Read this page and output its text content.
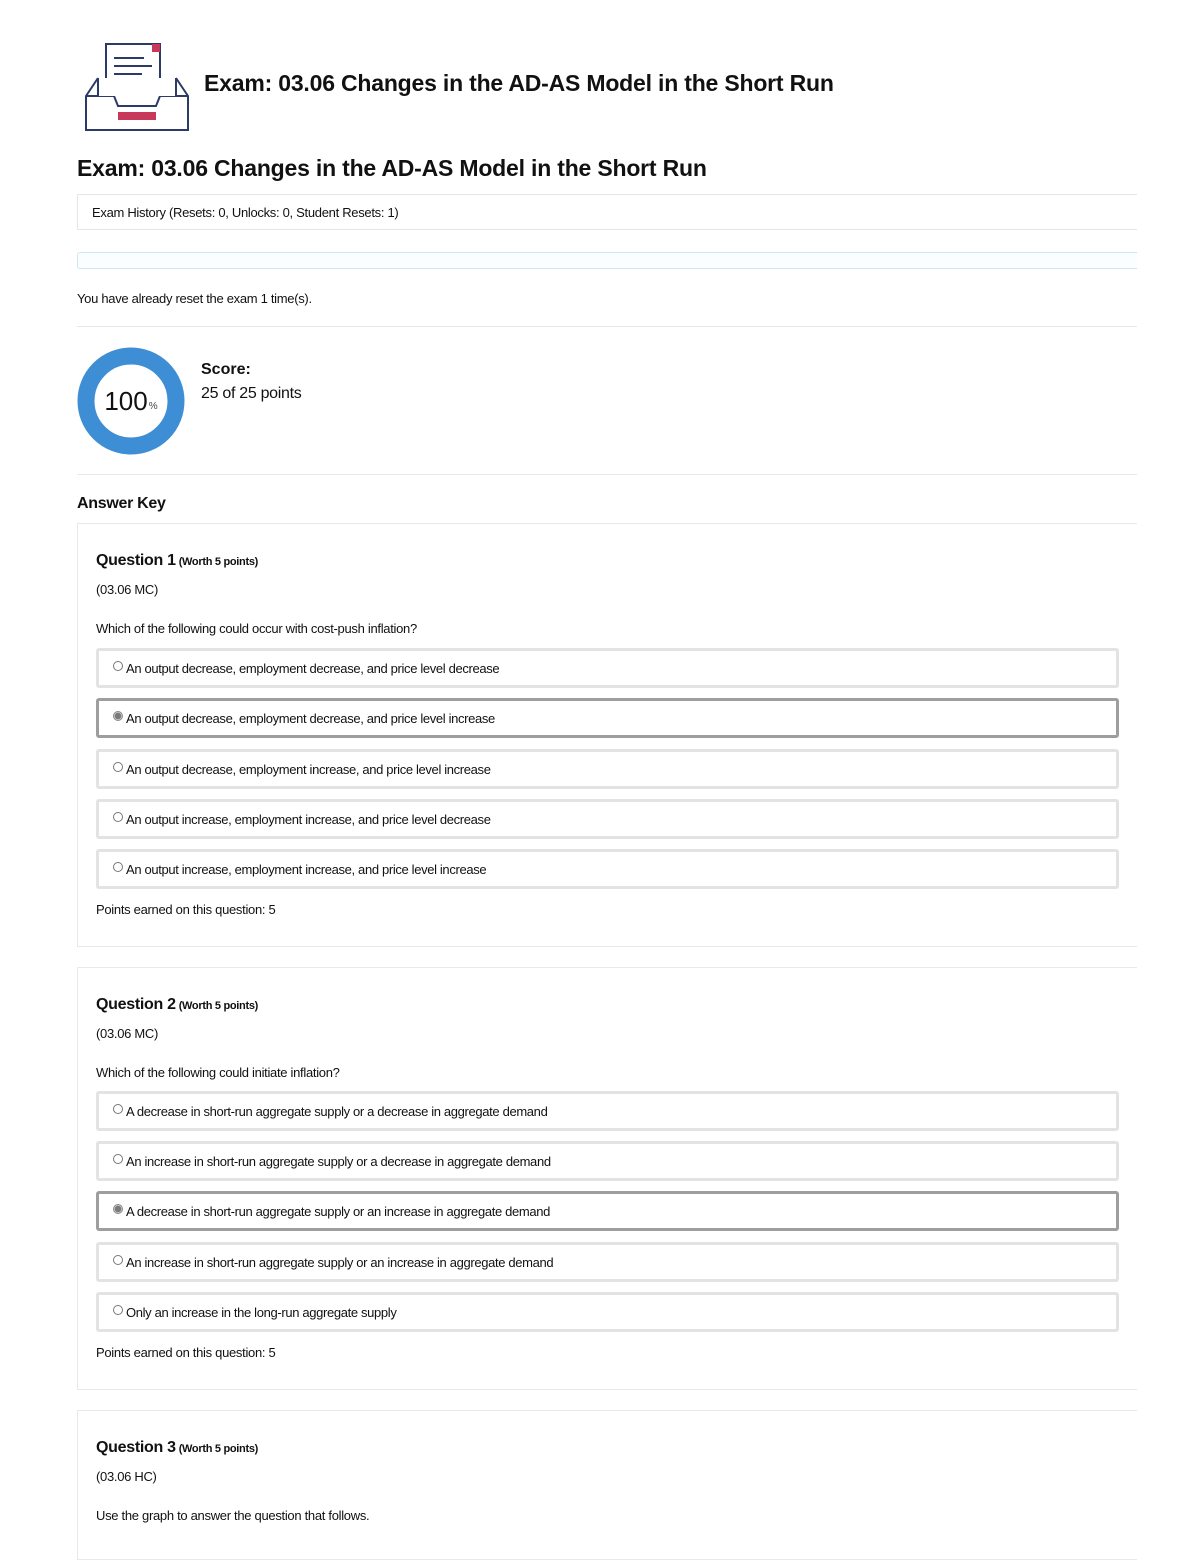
Exam: 03.06 Changes in the AD-AS Model in the Short Run
Exam: 03.06 Changes in the AD-AS Model in the Short Run
Exam History (Resets: 0, Unlocks: 0, Student Resets: 1)
You have already reset the exam 1 time(s).
100 %
Score:
25 of 25 points
Answer Key
Question 1 (Worth 5 points)
(03.06 MC)
Which of the following could occur with cost-push inflation?
An output decrease, employment decrease, and price level decrease
An output decrease, employment decrease, and price level increase
An output decrease, employment increase, and price level increase
An output increase, employment increase, and price level decrease
An output increase, employment increase, and price level increase
Points earned on this question: 5
Question 2 (Worth 5 points)
(03.06 MC)
Which of the following could initiate inflation?
A decrease in short-run aggregate supply or a decrease in aggregate demand
An increase in short-run aggregate supply or a decrease in aggregate demand
A decrease in short-run aggregate supply or an increase in aggregate demand
An increase in short-run aggregate supply or an increase in aggregate demand
Only an increase in the long-run aggregate supply
Points earned on this question: 5
Question 3 (Worth 5 points)
(03.06 HC)
Use the graph to answer the question that follows.
